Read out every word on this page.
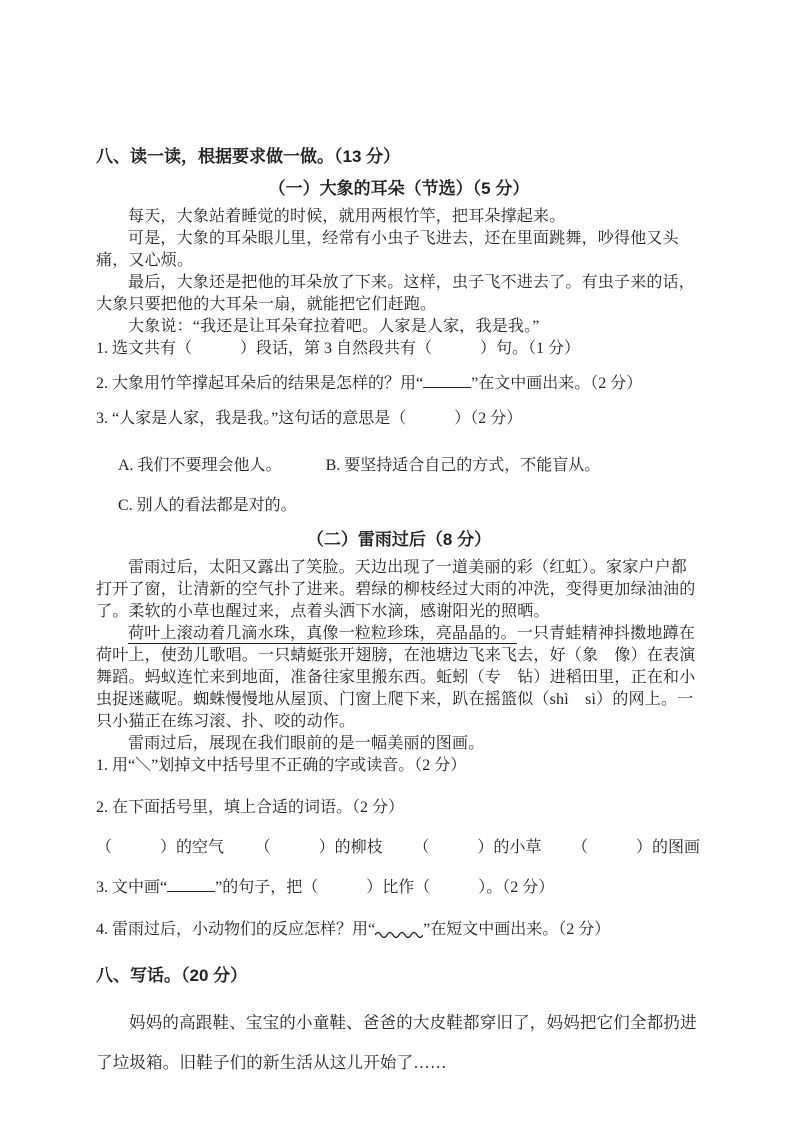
八、读一读，根据要求做一做。（13 分）

（一）大象的耳朵（节选）（5 分）

每天，大象站着睡觉的时候，就用两根竹竿，把耳朵撑起来。

可是，大象的耳朵眼儿里，经常有小虫子飞进去，还在里面跳舞，吵得他又头痛，又心烦。

最后，大象还是把他的耳朵放了下来。这样，虫子飞不进去了。有虫子来的话，大象只要把他的大耳朵一扇，就能把它们赶跑。

大象说：“我还是让耳朵耷拉着吧。人家是人家，我是我。”

1. 选文共有（　　　）段话，第 3 自然段共有（　　　）句。（1 分）

2. 大象用竹竿撑起耳朵后的结果是怎样的？用“	”在文中画出来。（2 分）

3. “人家是人家，我是我。”这句话的意思是（　　　）（2 分）

A. 我们不要理会他人。	B. 要坚持适合自己的方式，不能盲从。
C. 别人的看法都是对的。

（二）雷雨过后（8 分）

雷雨过后，太阳又露出了笑脸。天边出现了一道美丽的彩（红虹）。家家户户都打开了窗，让清新的空气扑了进来。碧绿的柳枝经过大雨的冲洗，变得更加绿油油的了。柔软的小草也醒过来，点着头洒下水滴，感谢阳光的照晒。

荷叶上滚动着几滴水珠，真像一粒粒珍珠，亮晶晶的。一只青蛙精神抖擞地蹲在荷叶上，使劲儿歌唱。一只蜻蜓张开翅膀，在池塘边飞来飞去，好（象　像）在表演舞蹈。蚂蚁连忙来到地面，准备往家里搬东西。蚯蚓（专　钻）进稻田里，正在和小虫捉迷藏呢。蜘蛛慢慢地从屋顶、门窗上爬下来，趴在摇篮似（shì　sì）的网上。一只小猫正在练习滚、扑、咬的动作。

雷雨过后，展现在我们眼前的是一幅美丽的图画。

1. 用“＼”划掉文中括号里不正确的字或读音。（2 分）

2. 在下面括号里，填上合适的词语。（2 分）

（　　　）的空气 （　　　）的柳枝 （　　　）的小草 （　　　）的图画

3. 文中画“	”的句子，把（　　　）比作（　　　）。（2 分）

4. 雷雨过后，小动物们的反应怎样？用“	”在短文中画出来。（2 分）

八、写话。（20 分）

妈妈的高跟鞋、宝宝的小童鞋、爸爸的大皮鞋都穿旧了，妈妈把它们全都扔进了垃圾箱。旧鞋子们的新生活从这儿开始了……
